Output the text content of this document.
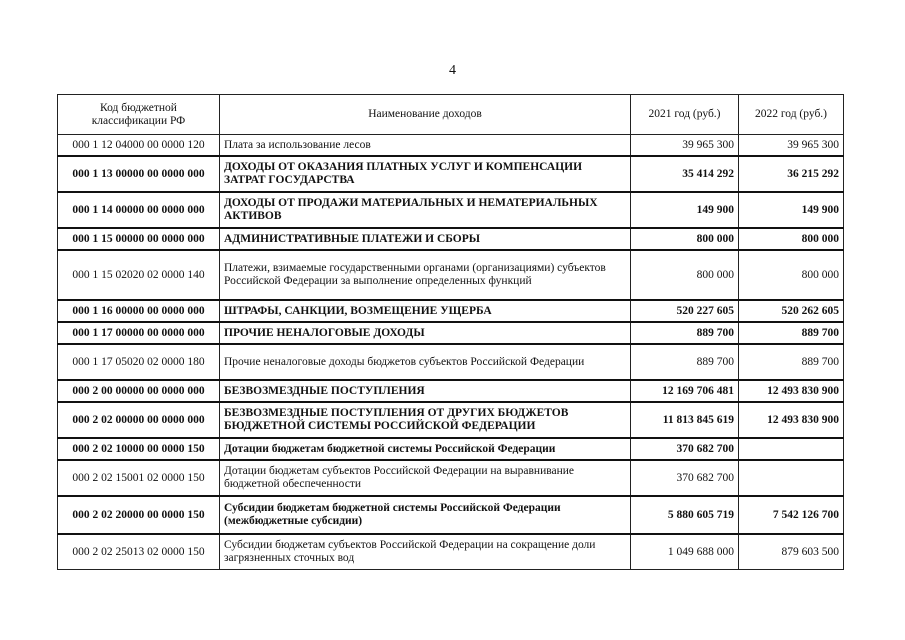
4
Код бюджетной классификации РФ	Наименование доходов	2021 год (руб.)	2022 год (руб.)
000 1 12 04000 00 0000 120	Плата за использование лесов	39 965 300	39 965 300
000 1 13 00000 00 0000 000	ДОХОДЫ ОТ ОКАЗАНИЯ ПЛАТНЫХ УСЛУГ И КОМПЕНСАЦИИ ЗАТРАТ ГОСУДАРСТВА	35 414 292	36 215 292
000 1 14 00000 00 0000 000	ДОХОДЫ ОТ ПРОДАЖИ МАТЕРИАЛЬНЫХ И НЕМАТЕРИАЛЬНЫХ АКТИВОВ	149 900	149 900
000 1 15 00000 00 0000 000	АДМИНИСТРАТИВНЫЕ ПЛАТЕЖИ И СБОРЫ	800 000	800 000
000 1 15 02020 02 0000 140	Платежи, взимаемые государственными органами (организациями) субъектов Российской Федерации за выполнение определенных функций	800 000	800 000
000 1 16 00000 00 0000 000	ШТРАФЫ, САНКЦИИ, ВОЗМЕЩЕНИЕ УЩЕРБА	520 227 605	520 262 605
000 1 17 00000 00 0000 000	ПРОЧИЕ НЕНАЛОГОВЫЕ ДОХОДЫ	889 700	889 700
000 1 17 05020 02 0000 180	Прочие неналоговые доходы бюджетов субъектов Российской Федерации	889 700	889 700
000 2 00 00000 00 0000 000	БЕЗВОЗМЕЗДНЫЕ ПОСТУПЛЕНИЯ	12 169 706 481	12 493 830 900
000 2 02 00000 00 0000 000	БЕЗВОЗМЕЗДНЫЕ ПОСТУПЛЕНИЯ ОТ ДРУГИХ БЮДЖЕТОВ БЮДЖЕТНОЙ СИСТЕМЫ РОССИЙСКОЙ ФЕДЕРАЦИИ	11 813 845 619	12 493 830 900
000 2 02 10000 00 0000 150	Дотации бюджетам бюджетной системы Российской Федерации	370 682 700	
000 2 02 15001 02 0000 150	Дотации бюджетам субъектов Российской Федерации на выравнивание бюджетной обеспеченности	370 682 700	
000 2 02 20000 00 0000 150	Субсидии бюджетам бюджетной системы Российской Федерации (межбюджетные субсидии)	5 880 605 719	7 542 126 700
000 2 02 25013 02 0000 150	Субсидии бюджетам субъектов Российской Федерации на сокращение доли загрязненных сточных вод	1 049 688 000	879 603 500
